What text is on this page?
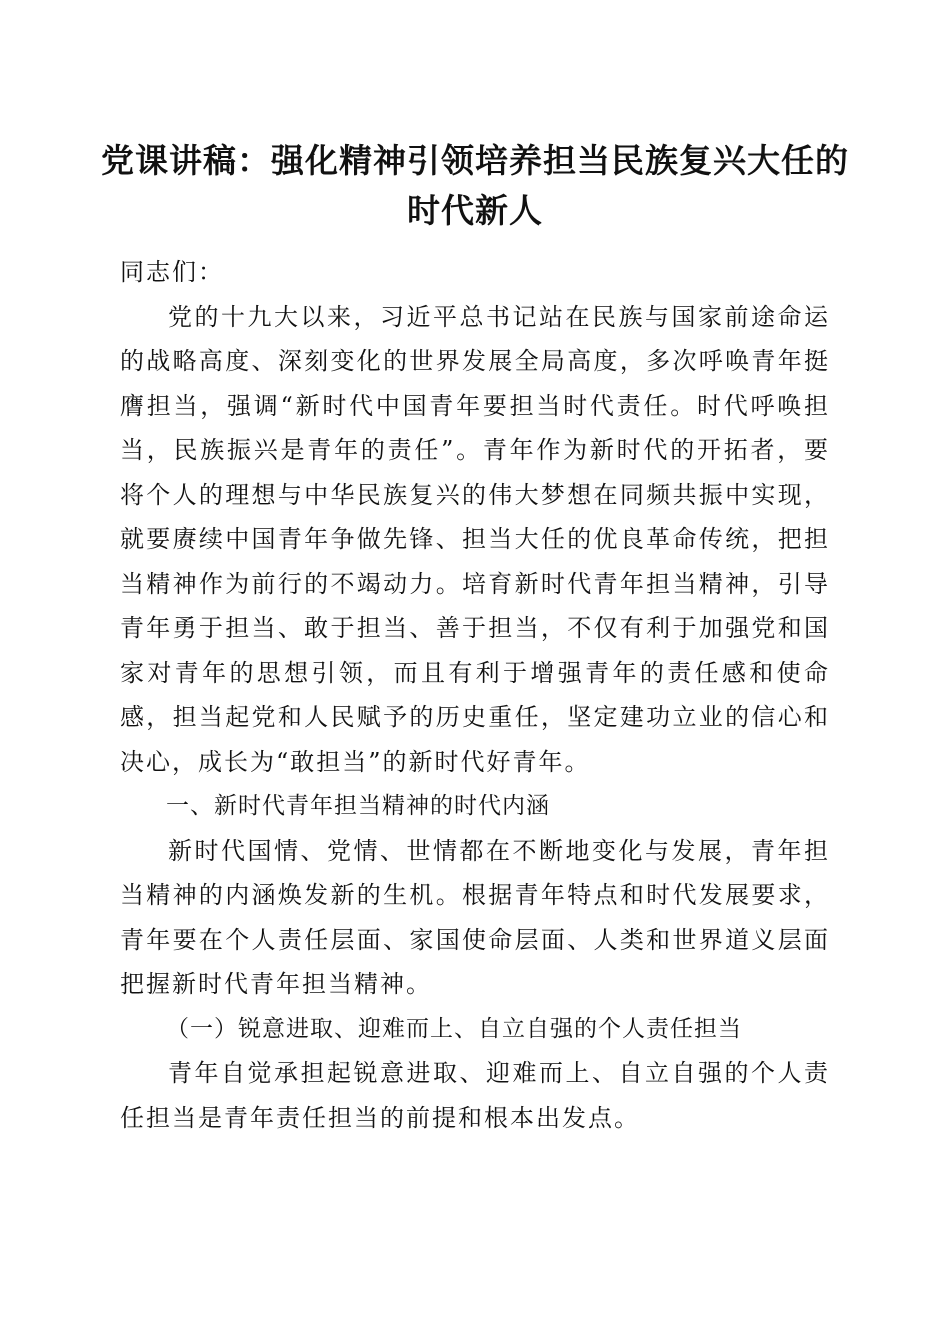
党课讲稿：强化精神引领培养担当民族复兴大任的时代新人

同志们：

党的十九大以来，习近平总书记站在民族与国家前途命运的战略高度、深刻变化的世界发展全局高度，多次呼唤青年挺膺担当，强调“新时代中国青年要担当时代责任。时代呼唤担当，民族振兴是青年的责任”。青年作为新时代的开拓者，要将个人的理想与中华民族复兴的伟大梦想在同频共振中实现，就要赓续中国青年争做先锋、担当大任的优良革命传统，把担当精神作为前行的不竭动力。培育新时代青年担当精神，引导青年勇于担当、敢于担当、善于担当，不仅有利于加强党和国家对青年的思想引领，而且有利于增强青年的责任感和使命感，担当起党和人民赋予的历史重任，坚定建功立业的信心和决心，成长为“敢担当”的新时代好青年。

一、新时代青年担当精神的时代内涵

新时代国情、党情、世情都在不断地变化与发展，青年担当精神的内涵焕发新的生机。根据青年特点和时代发展要求，青年要在个人责任层面、家国使命层面、人类和世界道义层面把握新时代青年担当精神。

（一）锐意进取、迎难而上、自立自强的个人责任担当

青年自觉承担起锐意进取、迎难而上、自立自强的个人责任担当是青年责任担当的前提和根本出发点。
